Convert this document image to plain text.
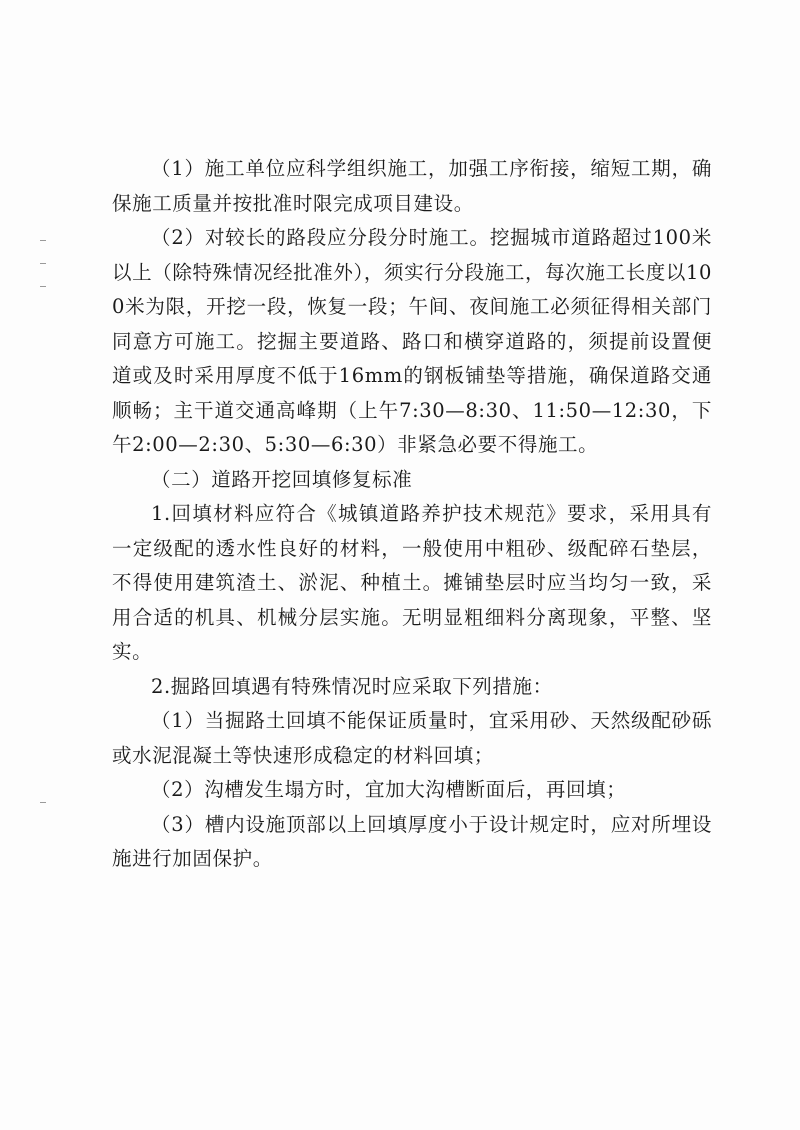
（1）施工单位应科学组织施工，加强工序衔接，缩短工期，确保施工质量并按批准时限完成项目建设。

（2）对较长的路段应分段分时施工。挖掘城市道路超过100米以上（除特殊情况经批准外），须实行分段施工，每次施工长度以100米为限，开挖一段，恢复一段；午间、夜间施工必须征得相关部门同意方可施工。挖掘主要道路、路口和横穿道路的，须提前设置便道或及时采用厚度不低于16mm的钢板铺垫等措施，确保道路交通顺畅；主干道交通高峰期（上午7:30—8:30、11:50—12:30，下午2:00—2:30、5:30—6:30）非紧急必要不得施工。

（二）道路开挖回填修复标准

1.回填材料应符合《城镇道路养护技术规范》要求，采用具有一定级配的透水性良好的材料，一般使用中粗砂、级配碎石垫层，不得使用建筑渣土、淤泥、种植土。摊铺垫层时应当均匀一致，采用合适的机具、机械分层实施。无明显粗细料分离现象，平整、坚实。

2.掘路回填遇有特殊情况时应采取下列措施：

（1）当掘路土回填不能保证质量时，宜采用砂、天然级配砂砾或水泥混凝土等快速形成稳定的材料回填；

（2）沟槽发生塌方时，宜加大沟槽断面后，再回填；

（3）槽内设施顶部以上回填厚度小于设计规定时，应对所埋设施进行加固保护。
